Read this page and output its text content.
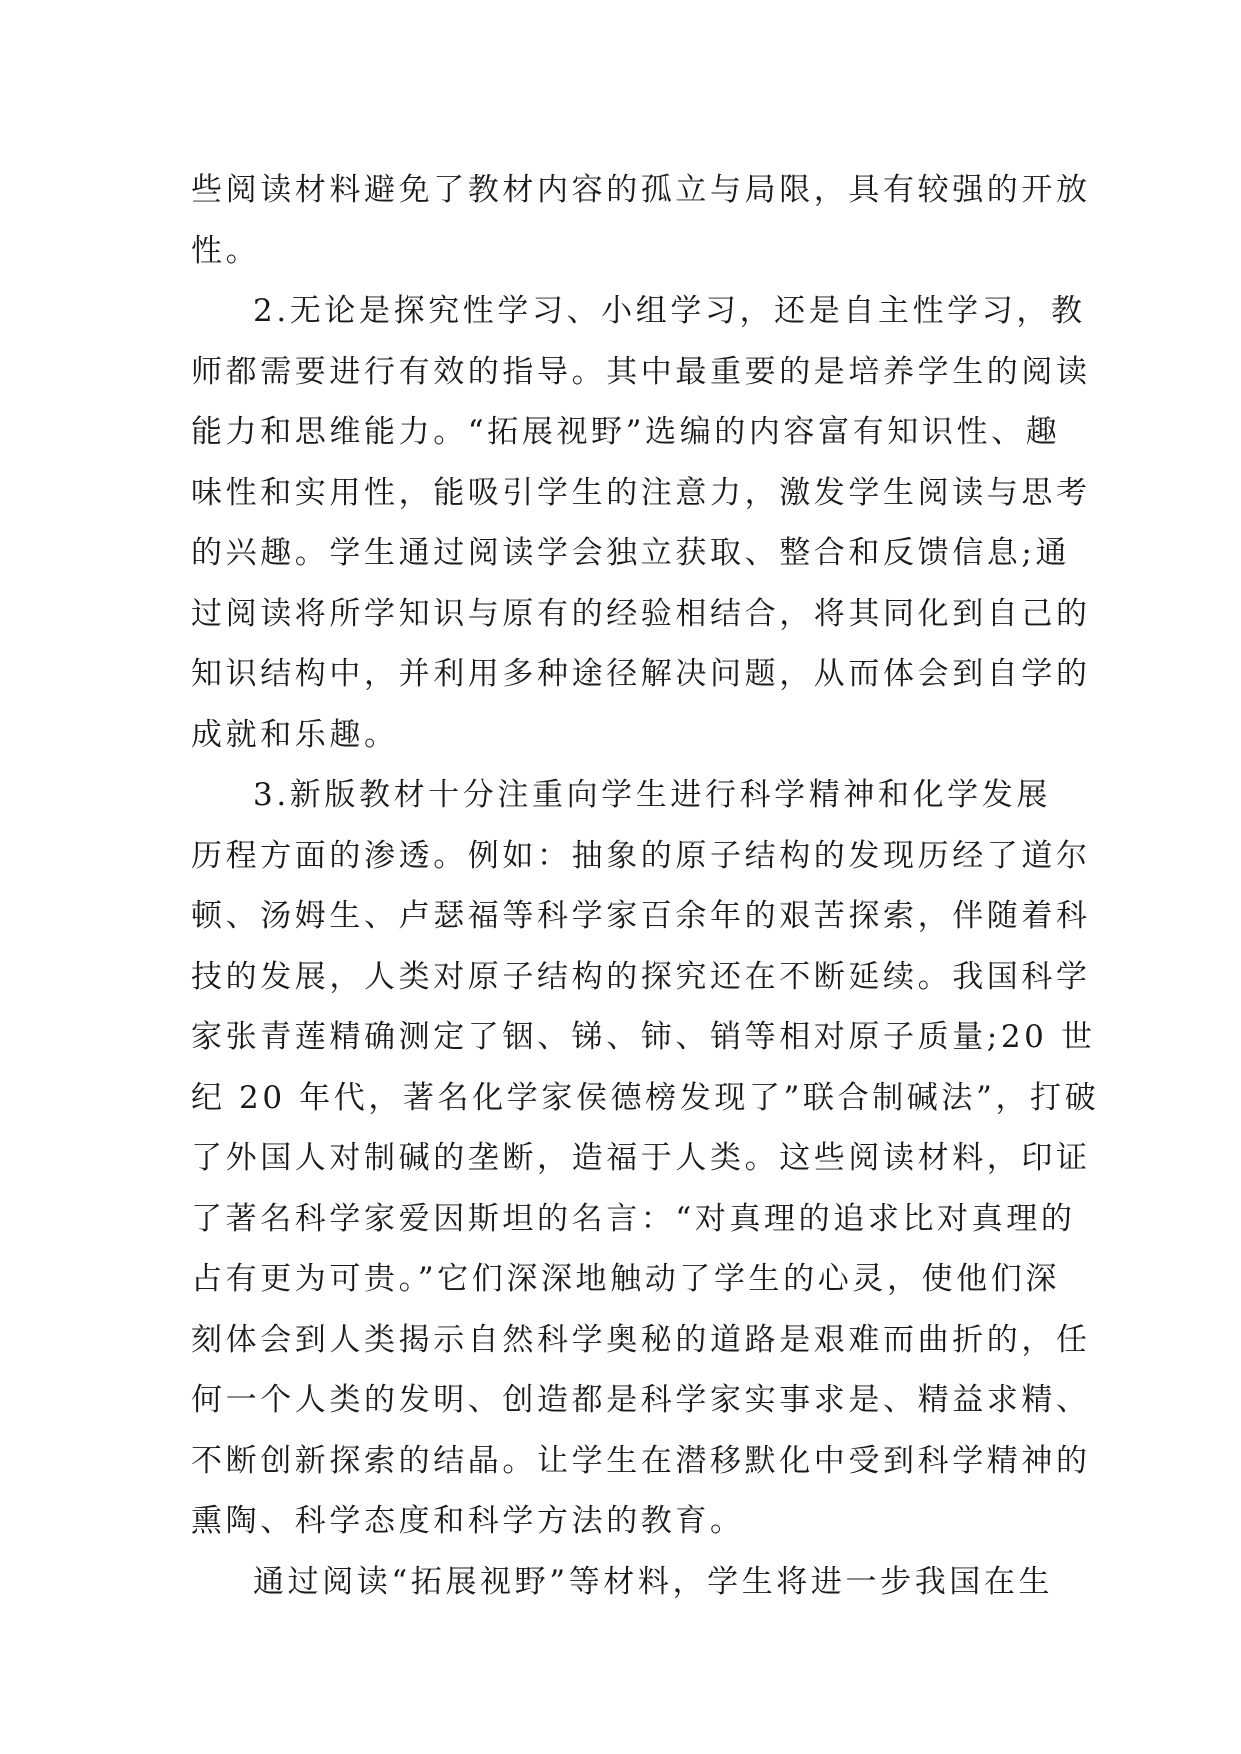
些阅读材料避免了教材内容的孤立与局限，具有较强的开放
性。
2.无论是探究性学习、小组学习，还是自主性学习，教
师都需要进行有效的指导。其中最重要的是培养学生的阅读
能力和思维能力。“拓展视野”选编的内容富有知识性、趣
味性和实用性，能吸引学生的注意力，激发学生阅读与思考
的兴趣。学生通过阅读学会独立获取、整合和反馈信息;通
过阅读将所学知识与原有的经验相结合，将其同化到自己的
知识结构中，并利用多种途径解决问题，从而体会到自学的
成就和乐趣。
3.新版教材十分注重向学生进行科学精神和化学发展
历程方面的渗透。例如：抽象的原子结构的发现历经了道尔
顿、汤姆生、卢瑟福等科学家百余年的艰苦探索，伴随着科
技的发展，人类对原子结构的探究还在不断延续。我国科学
家张青莲精确测定了铟、锑、铈、销等相对原子质量;20 世
纪 20 年代，著名化学家侯德榜发现了”联合制碱法”，打破
了外国人对制碱的垄断，造福于人类。这些阅读材料，印证
了著名科学家爱因斯坦的名言：“对真理的追求比对真理的
占有更为可贵。”它们深深地触动了学生的心灵，使他们深
刻体会到人类揭示自然科学奥秘的道路是艰难而曲折的，任
何一个人类的发明、创造都是科学家实事求是、精益求精、
不断创新探索的结晶。让学生在潜移默化中受到科学精神的
熏陶、科学态度和科学方法的教育。
通过阅读“拓展视野”等材料，学生将进一步我国在生
